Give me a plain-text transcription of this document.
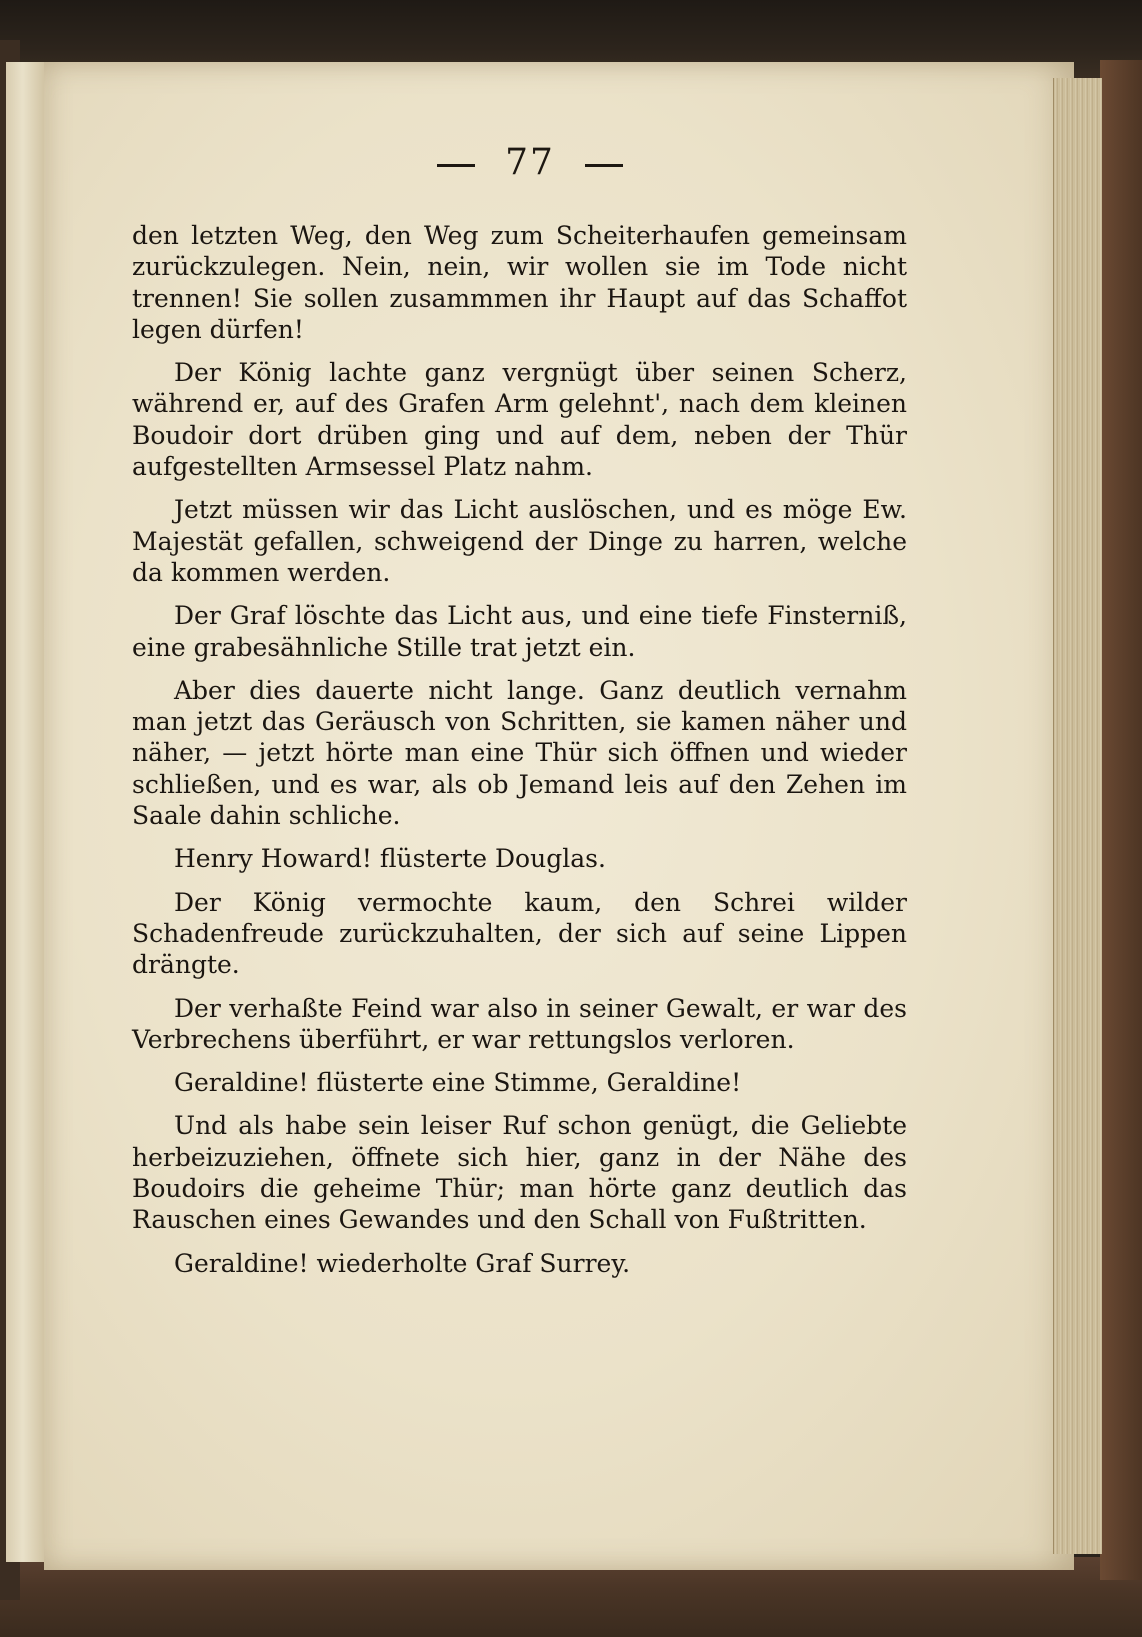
77

den letzten Weg, den Weg zum Scheiterhaufen gemeinsam zurückzulegen. Nein, nein, wir wollen sie im Tode nicht trennen! Sie sollen zusammmen ihr Haupt auf das Schaffot legen dürfen!

Der König lachte ganz vergnügt über seinen Scherz, während er, auf des Grafen Arm gelehnt', nach dem kleinen Boudoir dort drüben ging und auf dem, neben der Thür aufgestellten Armsessel Platz nahm.

Jetzt müssen wir das Licht auslöschen, und es möge Ew. Majestät gefallen, schweigend der Dinge zu harren, welche da kommen werden.

Der Graf löschte das Licht aus, und eine tiefe Finsterniß, eine grabesähnliche Stille trat jetzt ein.

Aber dies dauerte nicht lange. Ganz deutlich vernahm man jetzt das Geräusch von Schritten, sie kamen näher und näher, — jetzt hörte man eine Thür sich öffnen und wieder schließen, und es war, als ob Jemand leis auf den Zehen im Saale dahin schliche.

Henry Howard! flüsterte Douglas.

Der König vermochte kaum, den Schrei wilder Schadenfreude zurückzuhalten, der sich auf seine Lippen drängte.

Der verhaßte Feind war also in seiner Gewalt, er war des Verbrechens überführt, er war rettungslos verloren.

Geraldine! flüsterte eine Stimme, Geraldine!

Und als habe sein leiser Ruf schon genügt, die Geliebte herbeizuziehen, öffnete sich hier, ganz in der Nähe des Boudoirs die geheime Thür; man hörte ganz deutlich das Rauschen eines Gewandes und den Schall von Fußtritten.

Geraldine! wiederholte Graf Surrey.
